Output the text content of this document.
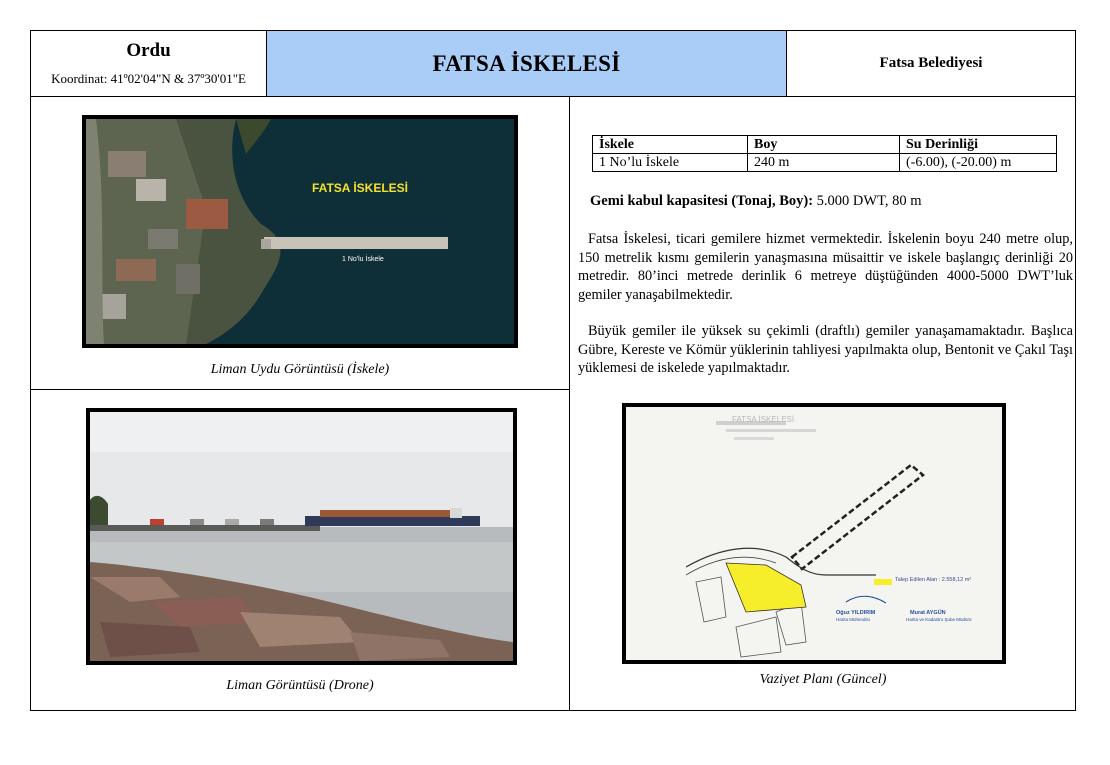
Ordu
Koordinat: 41º02'04"N & 37º30'01"E
FATSA İSKELESİ	Fatsa Belediyesi
FATSA İSKELESİ
1 No'lu İskele
Liman Uydu Görüntüsü (İskele)
Liman Görüntüsü (Drone)
İskele	Boy	Su Derinliği
1 No’lu İskele	240 m	(-6.00), (-20.00) m
Gemi kabul kapasitesi (Tonaj, Boy): 5.000 DWT, 80 m
Fatsa İskelesi, ticari gemilere hizmet vermektedir. İskelenin boyu 240 metre olup, 150 metrelik kısmı gemilerin yanaşmasına müsaittir ve iskele başlangıç derinliği 20 metredir. 80’inci metrede derinlik 6 metreye düştüğünden 4000-5000 DWT’luk gemiler yanaşabilmektedir.
Büyük gemiler ile yüksek su çekimli (draftlı) gemiler yanaşamamaktadır. Başlıca Gübre, Kereste ve Kömür yüklerinin tahliyesi yapılmakta olup, Bentonit ve Çakıl Taşı yüklemesi de iskelede yapılmaktadır.
FATSA İSKELESİ
Talep Edilen Alan : 2.558,12 m²
Oğuz YILDIRIM
Harita Mühendisi
Murat AYGÜN
Harita ve Kadastro Şube Müdürü
Vaziyet Planı (Güncel)
